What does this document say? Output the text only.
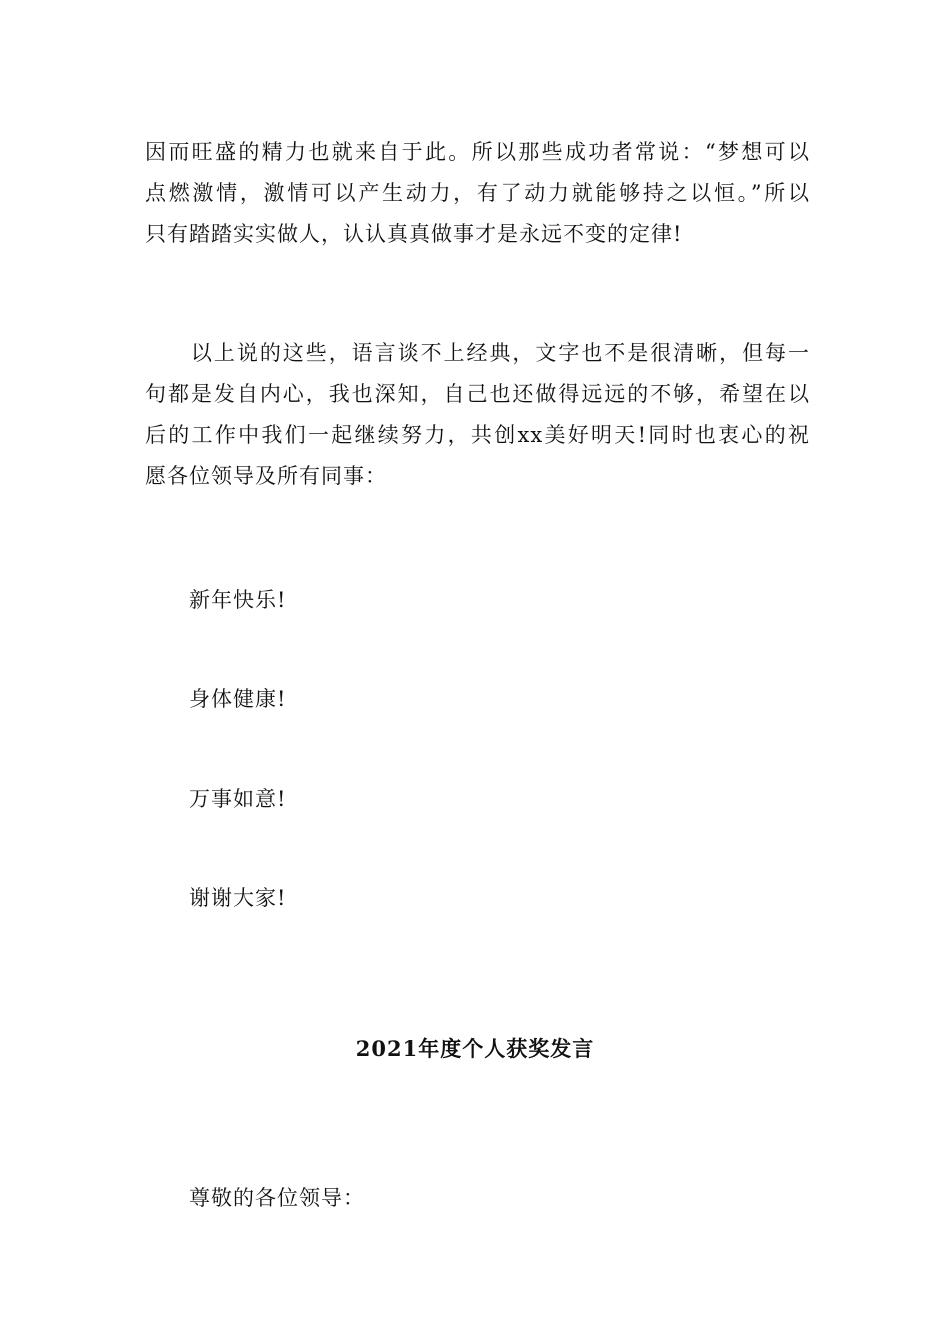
因而旺盛的精力也就来自于此。所以那些成功者常说：“梦想可以
点燃激情，激情可以产生动力，有了动力就能够持之以恒。”所以
只有踏踏实实做人，认认真真做事才是永远不变的定律!
　　以上说的这些，语言谈不上经典，文字也不是很清晰，但每一
句都是发自内心，我也深知，自己也还做得远远的不够，希望在以
后的工作中我们一起继续努力，共创xx美好明天!同时也衷心的祝
愿各位领导及所有同事：

新年快乐!

身体健康!

万事如意!

谢谢大家!

2021年度个人获奖发言

尊敬的各位领导：
